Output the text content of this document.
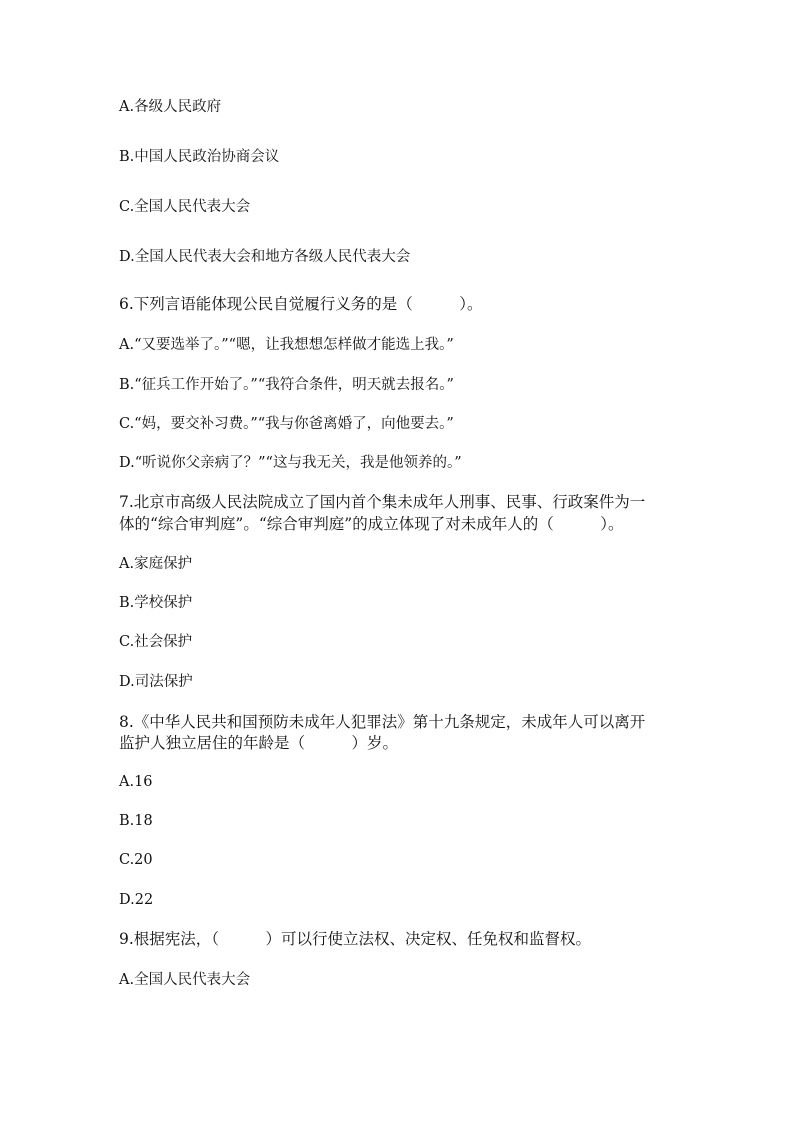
A.各级人民政府
B.中国人民政治协商会议
C.全国人民代表大会
D.全国人民代表大会和地方各级人民代表大会
6.下列言语能体现公民自觉履行义务的是（　　　）。
A.“又要选举了。”“嗯，让我想想怎样做才能选上我。”
B.“征兵工作开始了。”“我符合条件，明天就去报名。”
C.“妈，要交补习费。”“我与你爸离婚了，向他要去。”
D.“听说你父亲病了？”“这与我无关，我是他领养的。”
7.北京市高级人民法院成立了国内首个集未成年人刑事、民事、行政案件为一
体的“综合审判庭”。“综合审判庭”的成立体现了对未成年人的（　　　）。
A.家庭保护
B.学校保护
C.社会保护
D.司法保护
8.《中华人民共和国预防未成年人犯罪法》第十九条规定，未成年人可以离开
监护人独立居住的年龄是（　　　）岁。
A.16
B.18
C.20
D.22
9.根据宪法，（　　　）可以行使立法权、决定权、任免权和监督权。
A.全国人民代表大会
